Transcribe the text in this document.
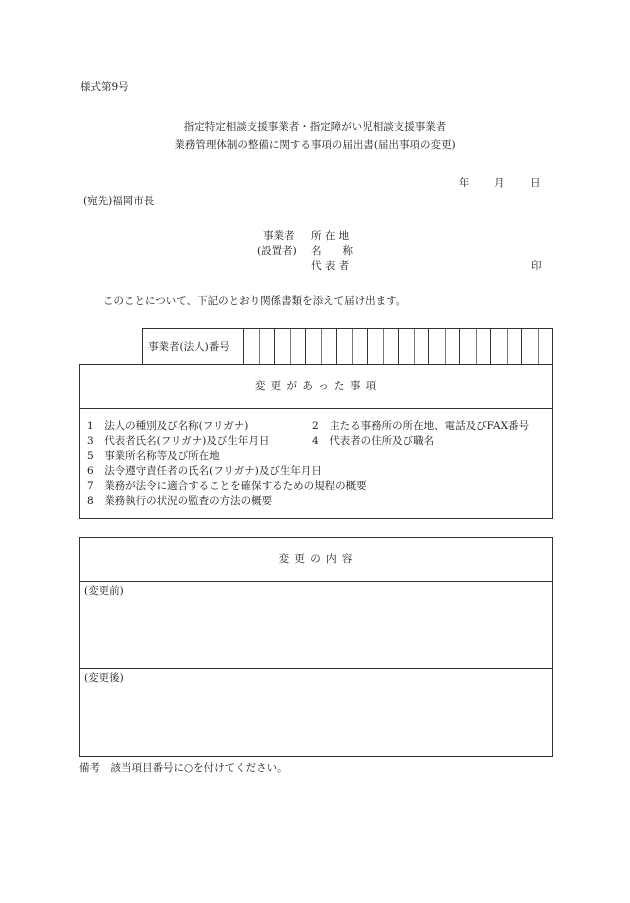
様式第9号
指定特定相談支援事業者・指定障がい児相談支援事業者
業務管理体制の整備に関する事項の届出書(届出事項の変更)
年 月 日
(宛先)福岡市長
事業者 所 在 地
(設置者) 名　　称
代 表 者	印
このことについて、下記のとおり関係書類を添えて届け出ます。
事業者(法人)番号
変 更 が あ っ た 事 項
1　 法人の種別及び名称(フリガナ)	2　 主たる事務所の所在地、電話及びFAX番号
3　 代表者氏名(フリガナ)及び生年月日	4　 代表者の住所及び職名
5　 事業所名称等及び所在地
6　 法令遵守責任者の氏名(フリガナ)及び生年月日
7　 業務が法令に適合することを確保するための規程の概要
8　 業務執行の状況の監査の方法の概要
変 更 の 内 容
(変更前)
(変更後)
備考　該当項目番号に○を付けてください。
